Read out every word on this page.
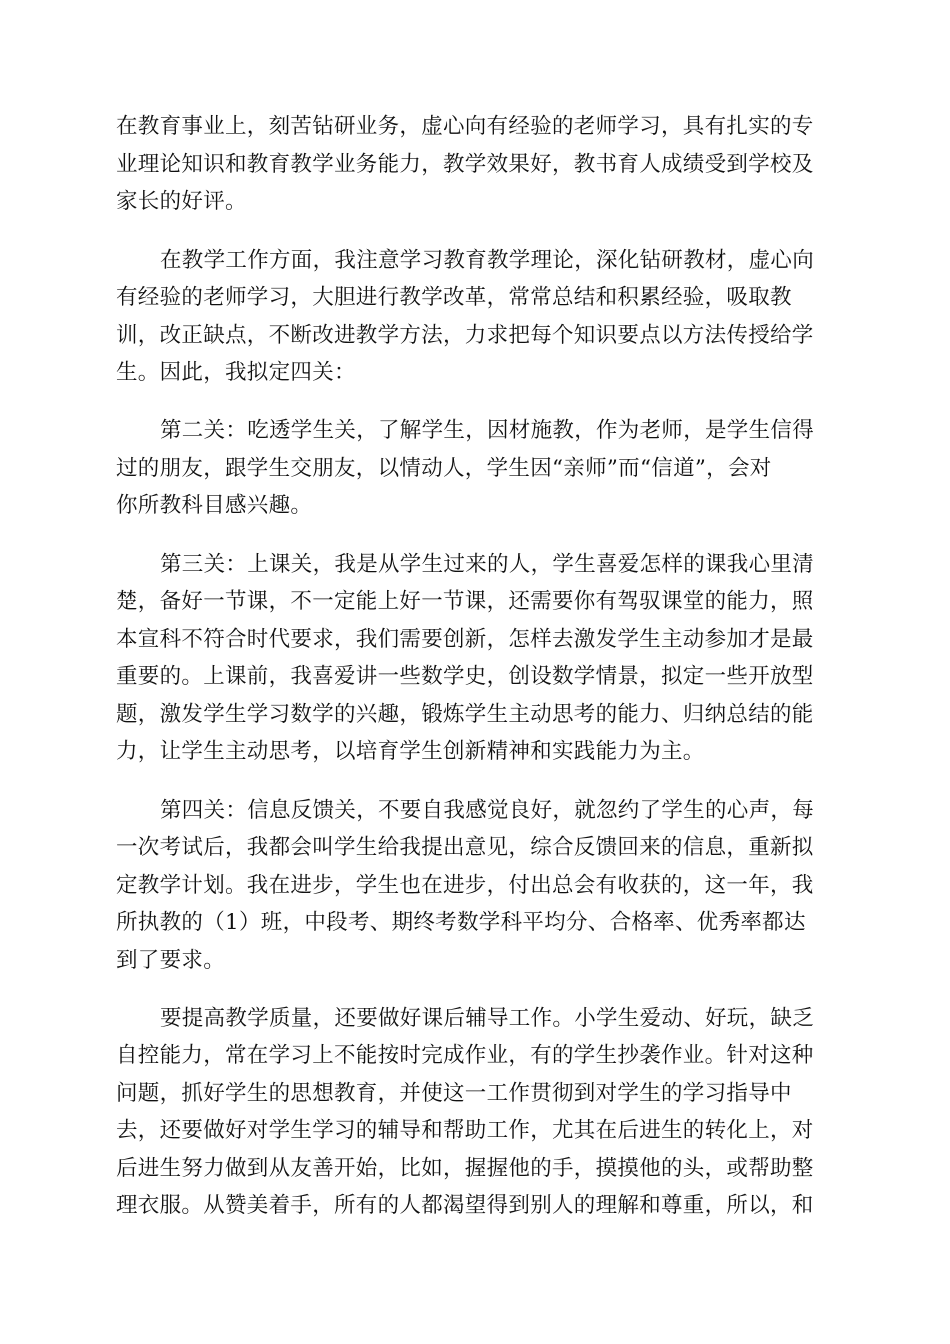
在教育事业上，刻苦钻研业务，虚心向有经验的老师学习，具有扎实的专
业理论知识和教育教学业务能力，教学效果好，教书育人成绩受到学校及
家长的好评。
在教学工作方面，我注意学习教育教学理论，深化钻研教材，虚心向
有经验的老师学习，大胆进行教学改革，常常总结和积累经验，吸取教
训，改正缺点，不断改进教学方法，力求把每个知识要点以方法传授给学
生。因此，我拟定四关：
第二关：吃透学生关，了解学生，因材施教，作为老师，是学生信得
过的朋友，跟学生交朋友，以情动人，学生因“亲师”而“信道”，会对
你所教科目感兴趣。
第三关：上课关，我是从学生过来的人，学生喜爱怎样的课我心里清
楚，备好一节课，不一定能上好一节课，还需要你有驾驭课堂的能力，照
本宣科不符合时代要求，我们需要创新，怎样去激发学生主动参加才是最
重要的。上课前，我喜爱讲一些数学史，创设数学情景，拟定一些开放型
题，激发学生学习数学的兴趣，锻炼学生主动思考的能力、归纳总结的能
力，让学生主动思考，以培育学生创新精神和实践能力为主。
第四关：信息反馈关，不要自我感觉良好，就忽约了学生的心声，每
一次考试后，我都会叫学生给我提出意见，综合反馈回来的信息，重新拟
定教学计划。我在进步，学生也在进步，付出总会有收获的，这一年，我
所执教的（1）班，中段考、期终考数学科平均分、合格率、优秀率都达
到了要求。
要提高教学质量，还要做好课后辅导工作。小学生爱动、好玩，缺乏
自控能力，常在学习上不能按时完成作业，有的学生抄袭作业。针对这种
问题，抓好学生的思想教育，并使这一工作贯彻到对学生的学习指导中
去，还要做好对学生学习的辅导和帮助工作，尤其在后进生的转化上，对
后进生努力做到从友善开始，比如，握握他的手，摸摸他的头，或帮助整
理衣服。从赞美着手，所有的人都渴望得到别人的理解和尊重，所以，和
